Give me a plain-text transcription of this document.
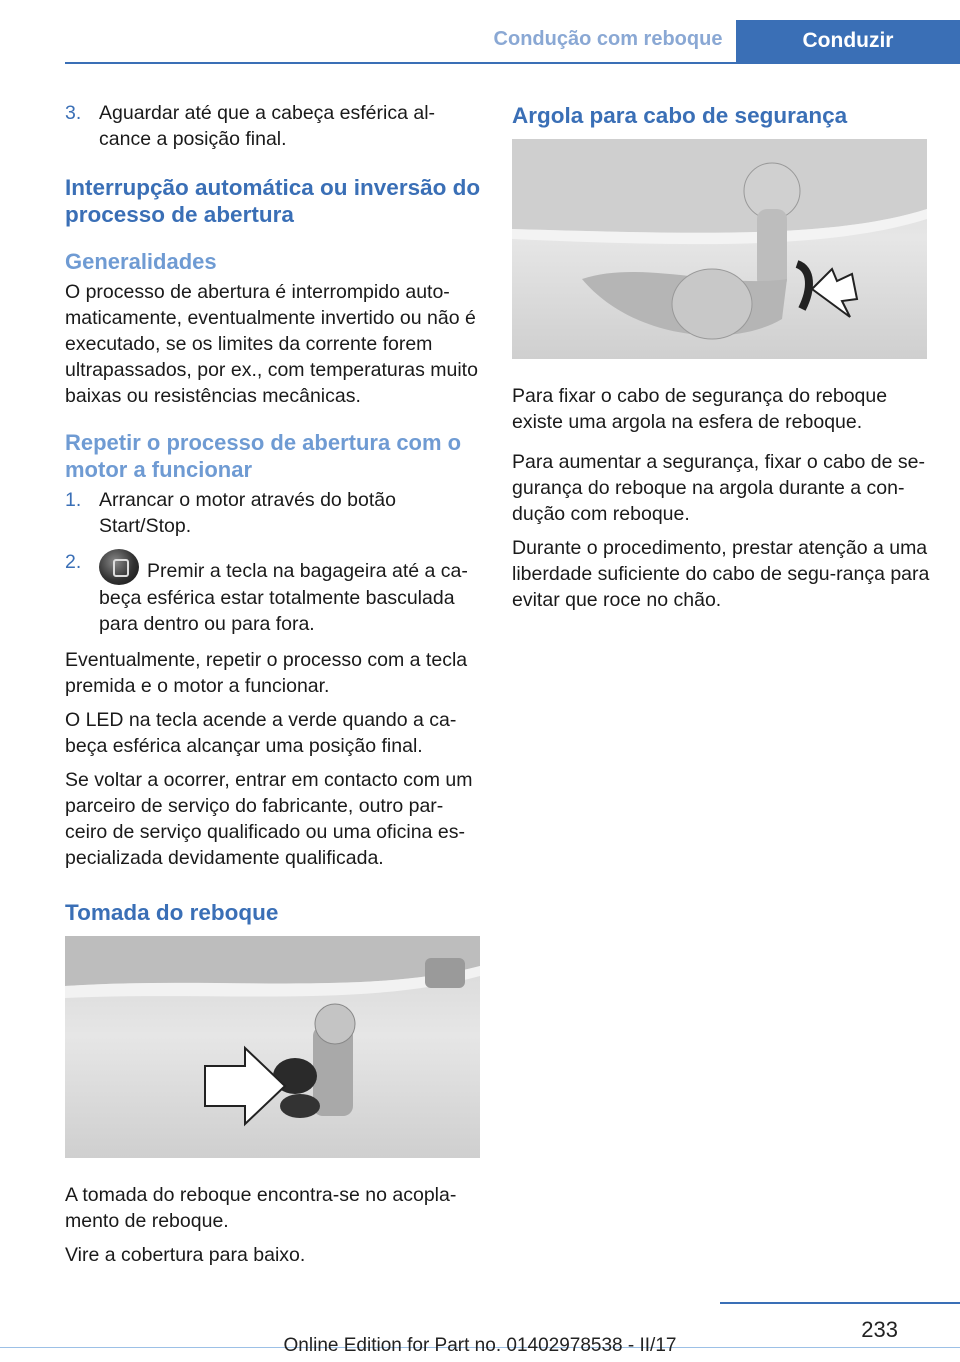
Condução com reboque	Conduzir
3. Aguardar até que a cabeça esférica al-cance a posição final.
Interrupção automática ou inversão do processo de abertura
Generalidades

O processo de abertura é interrompido auto-maticamente, eventualmente invertido ou não é executado, se os limites da corrente forem ultrapassados, por ex., com temperaturas muito baixas ou resistências mecânicas.

Repetir o processo de abertura com o motor a funcionar
1. Arrancar o motor através do botão Start/Stop.
2.	Premir a tecla na bagageira até a ca-beça esférica estar totalmente basculada para dentro ou para fora.

Eventualmente, repetir o processo com a tecla premida e o motor a funcionar.

O LED na tecla acende a verde quando a ca-beça esférica alcançar uma posição final.

Se voltar a ocorrer, entrar em contacto com um parceiro de serviço do fabricante, outro par-ceiro de serviço qualificado ou uma oficina es-pecializada devidamente qualificada.

Tomada do reboque

A tomada do reboque encontra-se no acopla-mento de reboque.

Vire a cobertura para baixo.

Argola para cabo de segurança

Para fixar o cabo de segurança do reboque existe uma argola na esfera de reboque.

Para aumentar a segurança, fixar o cabo de se-gurança do reboque na argola durante a con-dução com reboque.

Durante o procedimento, prestar atenção a uma liberdade suficiente do cabo de segu-rança para evitar que roce no chão.

233
Online Edition for Part no. 01402978538 - II/17
